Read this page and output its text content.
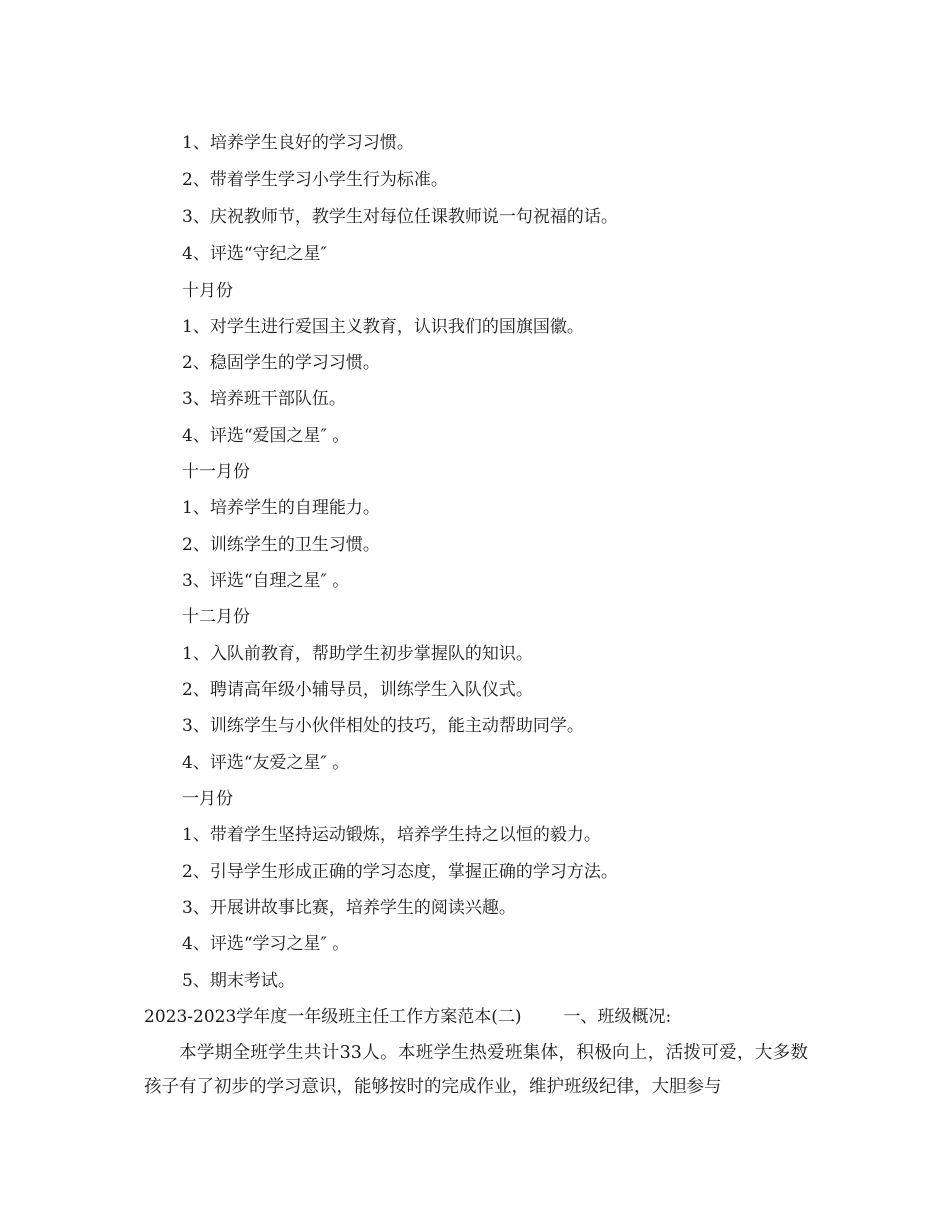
1、培养学生良好的学习习惯。
2、带着学生学习小学生行为标准。
3、庆祝教师节，教学生对每位任课教师说一句祝福的话。
4、评选“守纪之星″
十月份
1、对学生进行爱国主义教育，认识我们的国旗国徽。
2、稳固学生的学习习惯。
3、培养班干部队伍。
4、评选“爱国之星″ 。
十一月份
1、培养学生的自理能力。
2、训练学生的卫生习惯。
3、评选“自理之星″ 。
十二月份
1、入队前教育，帮助学生初步掌握队的知识。
2、聘请高年级小辅导员，训练学生入队仪式。
3、训练学生与小伙伴相处的技巧，能主动帮助同学。
4、评选“友爱之星″ 。
一月份
1、带着学生坚持运动锻炼，培养学生持之以恒的毅力。
2、引导学生形成正确的学习态度，掌握正确的学习方法。
3、开展讲故事比赛，培养学生的阅读兴趣。
4、评选“学习之星″ 。
5、期末考试。
2023-2023学年度一年级班主任工作方案范本(二) 一、班级概况:
本学期全班学生共计33人。本班学生热爱班集体，积极向上，活拨可爱，大多数孩子有了初步的学习意识，能够按时的完成作业，维护班级纪律，大胆参与
